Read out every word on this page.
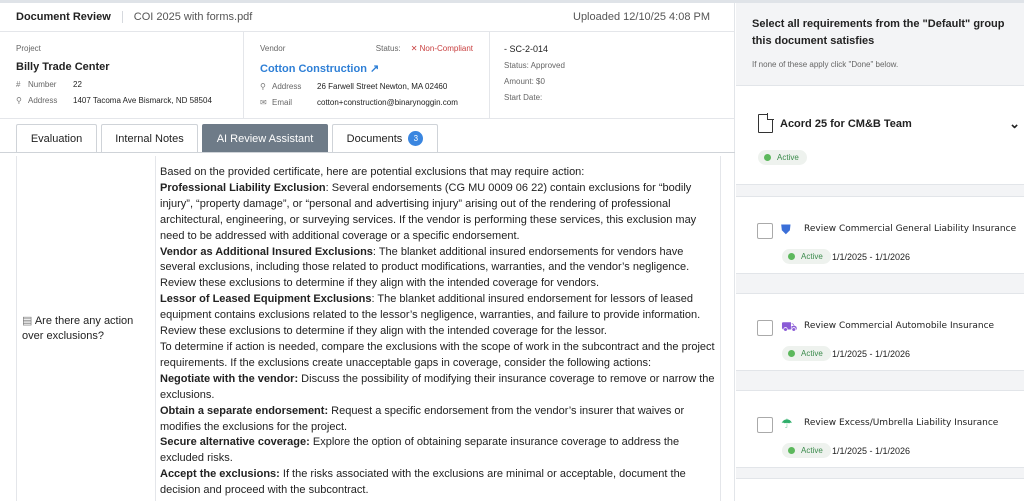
Document Review	COI 2025 with forms.pdf	Uploaded 12/10/25 4:08 PM
Project
Billy Trade Center
# Number	22
⚲ Address	1407 Tacoma Ave Bismarck, ND 58504
Vendor	Status: ✕ Non-Compliant
Cotton Construction ↗
⚲ Address	26 Farwell Street Newton, MA 02460
✉ Email	cotton+construction@binarynoggin.com
- SC-2-014
Status: Approved
Amount: $0
Start Date:
Evaluation	Internal Notes	AI Review Assistant	Documents	3
▤ Are there any action over exclusions?
Based on the provided certificate, here are potential exclusions that may require action:
Professional Liability Exclusion: Several endorsements (CG MU 0009 06 22) contain exclusions for “bodily injury”, “property damage”, or “personal and advertising injury” arising out of the rendering of professional architectural, engineering, or surveying services. If the vendor is performing these services, this exclusion may need to be addressed with additional coverage or a specific endorsement.
Vendor as Additional Insured Exclusions: The blanket additional insured endorsements for vendors have several exclusions, including those related to product modifications, warranties, and the vendor’s negligence. Review these exclusions to determine if they align with the intended coverage for vendors.
Lessor of Leased Equipment Exclusions: The blanket additional insured endorsement for lessors of leased equipment contains exclusions related to the lessor’s negligence, warranties, and failure to provide information. Review these exclusions to determine if they align with the intended coverage for the lessor.
To determine if action is needed, compare the exclusions with the scope of work in the subcontract and the project requirements. If the exclusions create unacceptable gaps in coverage, consider the following actions:
Negotiate with the vendor: Discuss the possibility of modifying their insurance coverage to remove or narrow the exclusions.
Obtain a separate endorsement: Request a specific endorsement from the vendor’s insurer that waives or modifies the exclusions for the project.
Secure alternative coverage: Explore the option of obtaining separate insurance coverage to address the excluded risks.
Accept the exclusions: If the risks associated with the exclusions are minimal or acceptable, document the decision and proceed with the subcontract.
Select all requirements from the "Default" group this document satisfies
If none of these apply click "Done" below.
Acord 25 for CM&B Team	⌄
Active
⛊ Review Commercial General Liability Insurance
Active 1/1/2025 - 1/1/2026
⛟ Review Commercial Automobile Insurance
Active 1/1/2025 - 1/1/2026
☂ Review Excess/Umbrella Liability Insurance
Active 1/1/2025 - 1/1/2026
